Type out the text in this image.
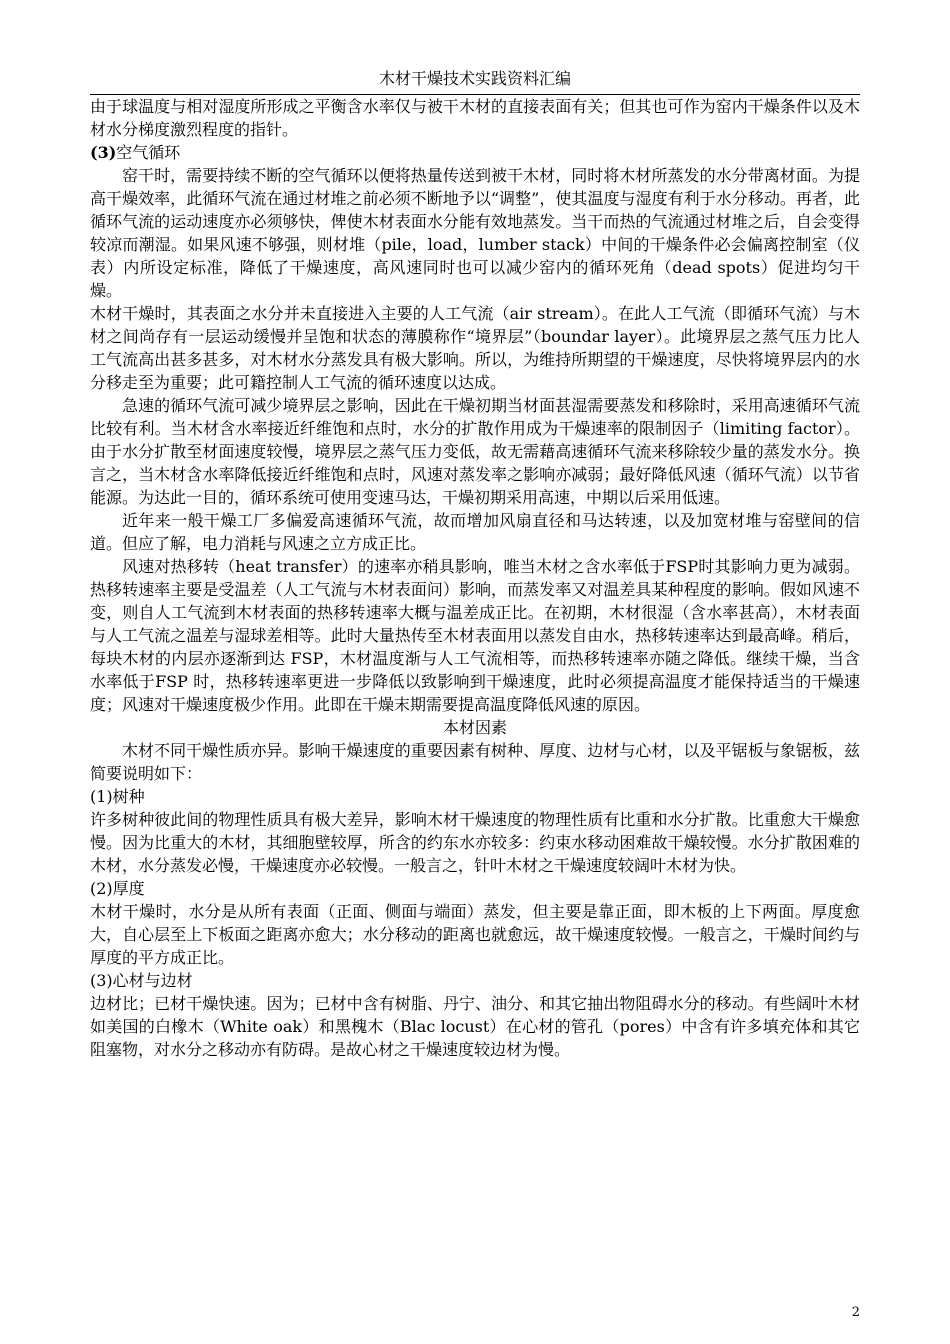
木材干燥技术实践资料汇编

由于球温度与相对湿度所形成之平衡含水率仅与被干木材的直接表面有关；但其也可作为窑内干燥条件以及木材水分梯度激烈程度的指针。

(3)空气循环

窑干时，需要持续不断的空气循环以便将热量传送到被干木材，同时将木材所蒸发的水分带离材面。为提高干燥效率，此循环气流在通过材堆之前必须不断地予以“调整”，使其温度与湿度有利于水分移动。再者，此循环气流的运动速度亦必须够快，俾使木材表面水分能有效地蒸发。当干而热的气流通过材堆之后，自会变得较凉而潮湿。如果风速不够强，则材堆（pile，load，lumber stack）中间的干燥条件必会偏离控制室（仪表）内所设定标准，降低了干燥速度，高风速同时也可以减少窑内的循环死角（dead spots）促进均匀干燥。

木材干燥时，其表面之水分并未直接进入主要的人工气流（air stream）。在此人工气流（即循环气流）与木材之间尚存有一层运动缓慢并呈饱和状态的薄膜称作“境界层”（boundar layer）。此境界层之蒸气压力比人工气流高出甚多甚多，对木材水分蒸发具有极大影响。所以，为维持所期望的干燥速度，尽快将境界层内的水分移走至为重要；此可籍控制人工气流的循环速度以达成。

急速的循环气流可减少境界层之影响，因此在干燥初期当材面甚湿需要蒸发和移除时，采用高速循环气流比较有利。当木材含水率接近纤维饱和点时，水分的扩散作用成为干燥速率的限制因子（limiting factor）。由于水分扩散至材面速度较慢，境界层之蒸气压力变低，故无需藉高速循环气流来移除较少量的蒸发水分。换言之，当木材含水率降低接近纤维饱和点时，风速对蒸发率之影响亦减弱；最好降低风速（循环气流）以节省能源。为达此一目的，循环系统可使用变速马达，干燥初期采用高速，中期以后采用低速。

近年来一般干燥工厂多偏爱高速循环气流，故而增加风扇直径和马达转速，以及加宽材堆与窑壁间的信道。但应了解，电力消耗与风速之立方成正比。

风速对热移转（heat transfer）的速率亦稍具影响，唯当木材之含水率低于FSP时其影响力更为减弱。热移转速率主要是受温差（人工气流与木材表面问）影响，而蒸发率又对温差具某种程度的影响。假如风速不变，则自人工气流到木材表面的热移转速率大概与温差成正比。在初期，木材很湿（含水率甚高），木材表面与人工气流之温差与湿球差相等。此时大量热传至木材表面用以蒸发自由水，热移转速率达到最高峰。稍后，每块木材的内层亦逐渐到达 FSP，木材温度渐与人工气流相等，而热移转速率亦随之降低。继续干燥，当含水率低于FSP 时，热移转速率更进一步降低以致影响到干燥速度，此时必须提高温度才能保持适当的干燥速度；风速对干燥速度极少作用。此即在干燥末期需要提高温度降低风速的原因。

本材因素

木材不同干燥性质亦异。影响干燥速度的重要因素有树种、厚度、边材与心材，以及平锯板与象锯板，兹简要说明如下：

(1)树种

许多树种彼此间的物理性质具有极大差异，影响木材干燥速度的物理性质有比重和水分扩散。比重愈大干燥愈慢。因为比重大的木材，其细胞壁较厚，所含的约东水亦较多：约束水移动困难故干燥较慢。水分扩散困难的木材，水分蒸发必慢，干燥速度亦必较慢。一般言之，针叶木材之干燥速度较阔叶木材为快。

(2)厚度

木材干燥时，水分是从所有表面（正面、侧面与端面）蒸发，但主要是靠正面，即木板的上下两面。厚度愈大，自心层至上下板面之距离亦愈大；水分移动的距离也就愈远，故干燥速度较慢。一般言之，干燥时间约与厚度的平方成正比。

(3)心材与边材

边材比；已材干燥快速。因为；已材中含有树脂、丹宁、油分、和其它抽出物阻碍水分的移动。有些阔叶木材如美国的白橡木（White oak）和黑槐木（Blac locust）在心材的管孔（pores）中含有许多填充体和其它阻塞物，对水分之移动亦有防碍。是故心材之干燥速度较边材为慢。

2
